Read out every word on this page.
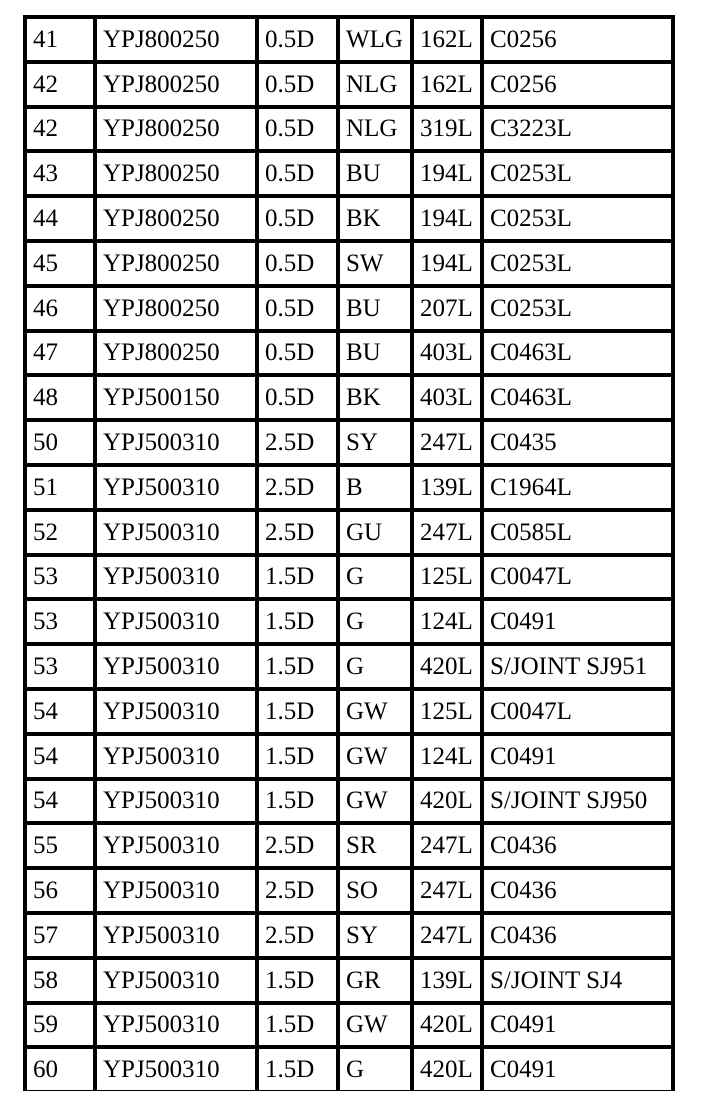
41	YPJ800250	0.5D	WLG	162L	C0256
42	YPJ800250	0.5D	NLG	162L	C0256
42	YPJ800250	0.5D	NLG	319L	C3223L
43	YPJ800250	0.5D	BU	194L	C0253L
44	YPJ800250	0.5D	BK	194L	C0253L
45	YPJ800250	0.5D	SW	194L	C0253L
46	YPJ800250	0.5D	BU	207L	C0253L
47	YPJ800250	0.5D	BU	403L	C0463L
48	YPJ500150	0.5D	BK	403L	C0463L
50	YPJ500310	2.5D	SY	247L	C0435
51	YPJ500310	2.5D	B	139L	C1964L
52	YPJ500310	2.5D	GU	247L	C0585L
53	YPJ500310	1.5D	G	125L	C0047L
53	YPJ500310	1.5D	G	124L	C0491
53	YPJ500310	1.5D	G	420L	S/JOINT SJ951
54	YPJ500310	1.5D	GW	125L	C0047L
54	YPJ500310	1.5D	GW	124L	C0491
54	YPJ500310	1.5D	GW	420L	S/JOINT SJ950
55	YPJ500310	2.5D	SR	247L	C0436
56	YPJ500310	2.5D	SO	247L	C0436
57	YPJ500310	2.5D	SY	247L	C0436
58	YPJ500310	1.5D	GR	139L	S/JOINT SJ4
59	YPJ500310	1.5D	GW	420L	C0491
60	YPJ500310	1.5D	G	420L	C0491
